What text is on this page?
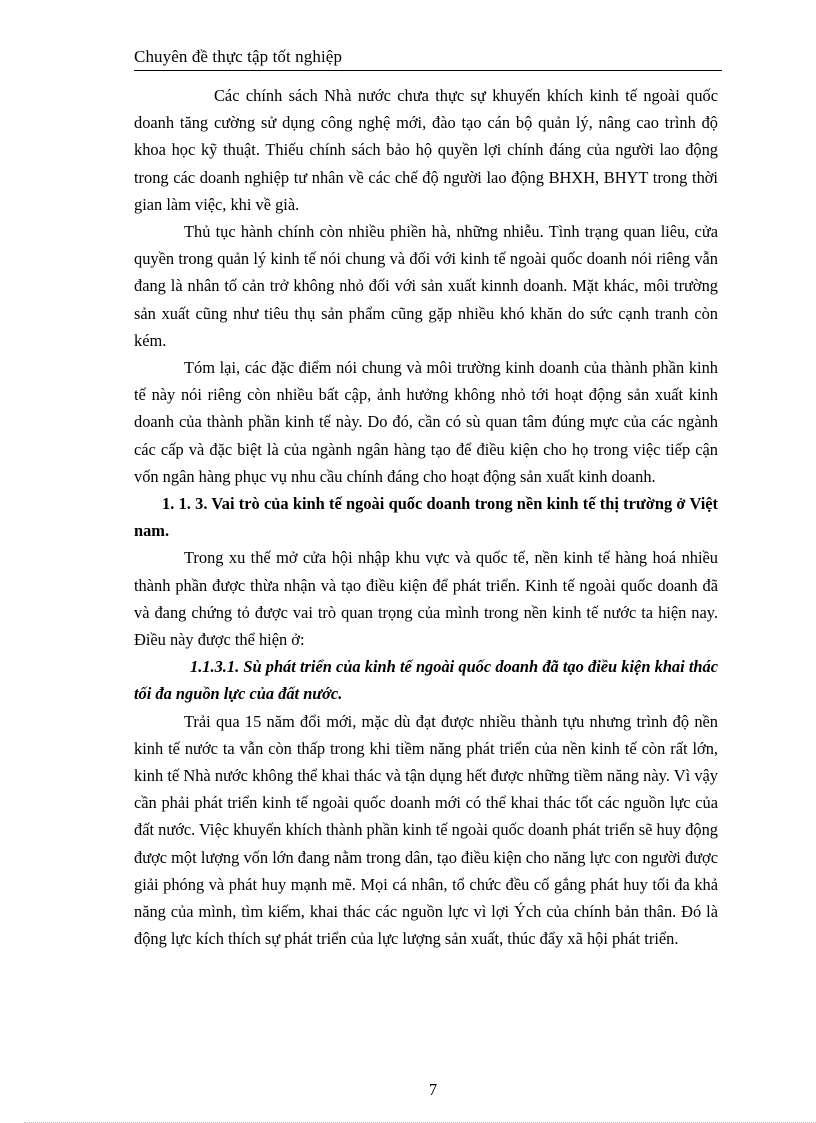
Chuyên đề thực tập tốt nghiệp

Các chính sách Nhà nước chưa thực sự khuyến khích kinh tế ngoài quốc doanh tăng cường sử dụng công nghệ mới, đào tạo cán bộ quản lý, nâng cao trình độ khoa học kỹ thuật. Thiếu chính sách bảo hộ quyền lợi chính đáng của người lao động trong các doanh nghiệp tư nhân về các chế độ người lao động BHXH, BHYT trong thời gian làm việc, khi về già.

Thủ tục hành chính còn nhiều phiền hà, những nhiễu. Tình trạng quan liêu, cửa quyền trong quản lý kinh tế nói chung và đối với kinh tế ngoài quốc doanh nói riêng vẫn đang là nhân tố cản trở không nhỏ đối với sản xuất kinnh doanh. Mặt khác, môi trường sản xuất cũng như tiêu thụ sản phẩm cũng gặp nhiều khó khăn do sức cạnh tranh còn kém.

Tóm lại, các đặc điểm nói chung và môi trường kinh doanh của thành phần kinh tế này nói riêng còn nhiều bất cập, ảnh hưởng không nhỏ tới hoạt động sản xuất kinh doanh của thành phần kinh tế này. Do đó, cần có sù quan tâm đúng mực của các ngành các cấp và đặc biệt là của ngành ngân hàng tạo để điều kiện cho họ trong việc tiếp cận vốn ngân hàng phục vụ nhu cầu chính đáng cho hoạt động sản xuất kinh doanh.

1. 1. 3. Vai trò của kinh tế ngoài quốc doanh trong nền kinh tế thị trường ở Việt nam.

Trong xu thế mở cửa hội nhập khu vực và quốc tế, nền kinh tế hàng hoá nhiều thành phần được thừa nhận và tạo điều kiện để phát triển. Kinh tế ngoài quốc doanh đã và đang chứng tỏ được vai trò quan trọng của mình trong nền kinh tế nước ta hiện nay. Điều này được thể hiện ở:

1.1.3.1. Sù phát triển của kinh tế ngoài quốc doanh đã tạo điều kiện khai thác tối đa nguồn lực của đất nước.

Trải qua 15 năm đổi mới, mặc dù đạt được nhiều thành tựu nhưng trình độ nền kinh tế nước ta vẫn còn thấp trong khi tiềm năng phát triển của nền kinh tế còn rất lớn, kinh tế Nhà nước không thể khai thác và tận dụng hết được những tiềm năng này. Vì vậy cần phải phát triển kinh tế ngoài quốc doanh mới có thể khai thác tốt các nguồn lực của đất nước. Việc khuyến khích thành phần kinh tế ngoài quốc doanh phát triển sẽ huy động được một lượng vốn lớn đang nằm trong dân, tạo điều kiện cho năng lực con người được giải phóng và phát huy mạnh mẽ. Mọi cá nhân, tổ chức đều cố gắng phát huy tối đa khả năng của mình, tìm kiếm, khai thác các nguồn lực vì lợi Ých của chính bản thân. Đó là động lực kích thích sự phát triển của lực lượng sản xuất, thúc đẩy xã hội phát triển.

7
